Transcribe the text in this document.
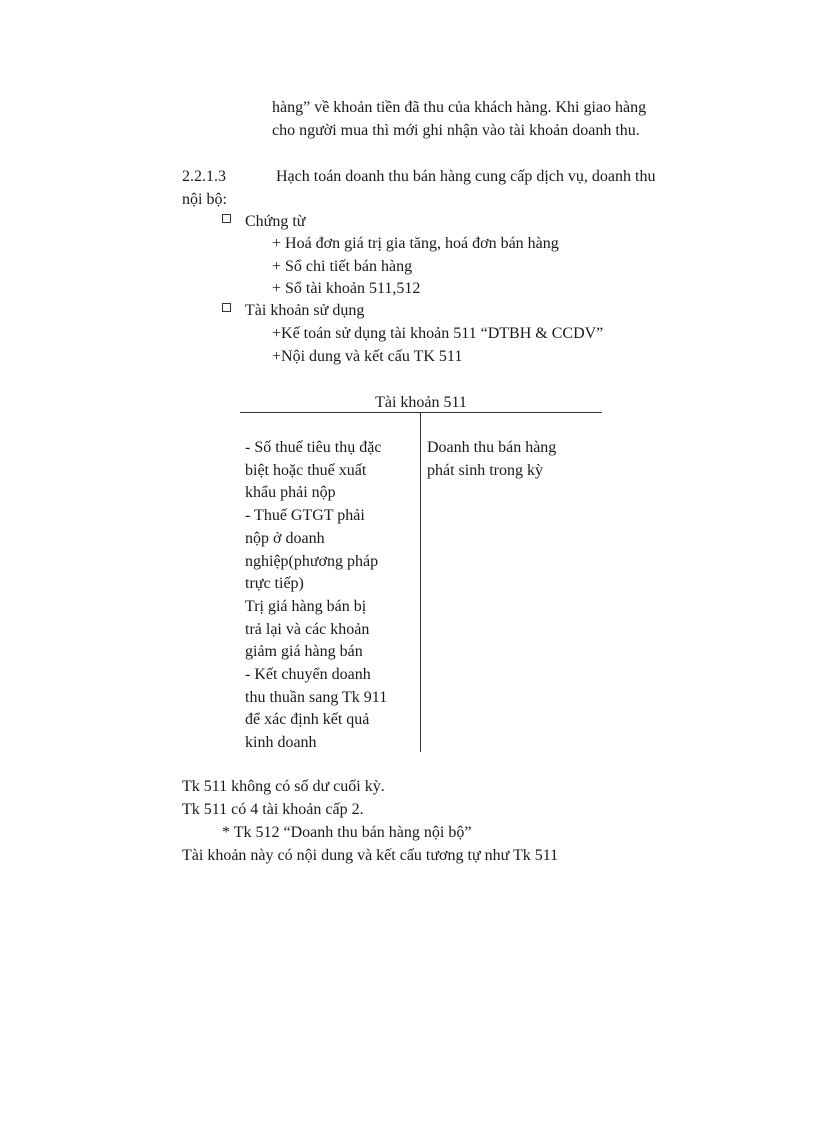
hàng” về khoản tiền đã thu của khách hàng. Khi giao hàng
cho người mua thì mới ghi nhận vào tài khoản doanh thu.
2.2.1.3	Hạch toán doanh thu bán hàng cung cấp dịch vụ, doanh thu
nội bộ:
Chứng từ
+ Hoá đơn giá trị gia tăng, hoá đơn bán hàng
+ Sổ chi tiết bán hàng
+ Sổ tài khoản 511,512
Tài khoản sử dụng
+Kế toán sử dụng tài khoản 511 “DTBH & CCDV”
+Nội dung và kết cấu TK 511
Tài khoản 511
- Số thuế tiêu thụ đặc
biệt hoặc thuế xuất
khẩu phải nộp
- Thuế GTGT phải
nộp ở doanh
nghiệp(phương pháp
trực tiếp)
Trị giá hàng bán bị
trả lại và các khoản
giảm giá hàng bán
- Kết chuyển doanh
thu thuần sang Tk 911
để xác định kết quả
kinh doanh
Doanh thu bán hàng
phát sinh trong kỳ
Tk 511 không có số dư cuối kỳ.
Tk 511 có 4 tài khoản cấp 2.
* Tk 512 “Doanh thu bán hàng nội bộ”
Tài khoản này có nội dung và kết cấu tương tự như Tk 511
